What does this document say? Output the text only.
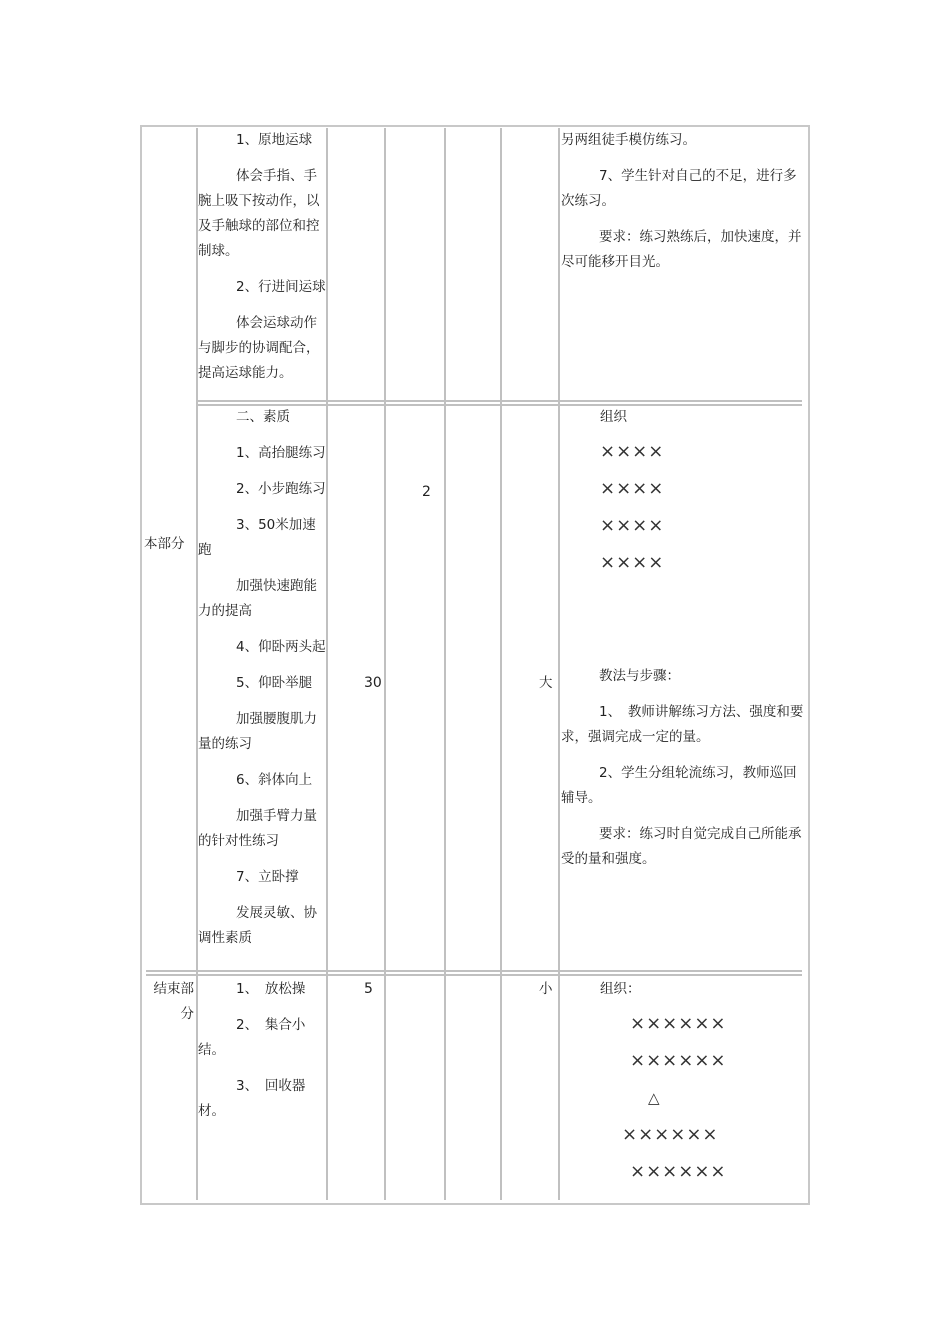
1、原地运球

体会手指、手腕上吸下按动作，以及手触球的部位和控制球。

2、行进间运球

体会运球动作与脚步的协调配合，提高运球能力。

另两组徒手模仿练习。

7、学生针对自己的不足，进行多次练习。

要求：练习熟练后，加快速度，并尽可能移开目光。

本部分

二、素质

1、高抬腿练习

2、小步跑练习

3、50米加速跑

加强快速跑能力的提高

4、仰卧两头起

5、仰卧举腿

加强腰腹肌力量的练习

6、斜体向上

加强手臂力量的针对性练习

7、立卧撑

发展灵敏、协调性素质

30
2
大
组织
××××
××××
××××
××××

教法与步骤：

1、　教师讲解练习方法、强度和要求，强调完成一定的量。

2、学生分组轮流练习，教师巡回辅导。

要求：练习时自觉完成自己所能承受的量和强度。

结束部分

1、　放松操

2、　集合小结。

3、　回收器材。

5	小	组织：
××××××
××××××
△
××××××
××××××
